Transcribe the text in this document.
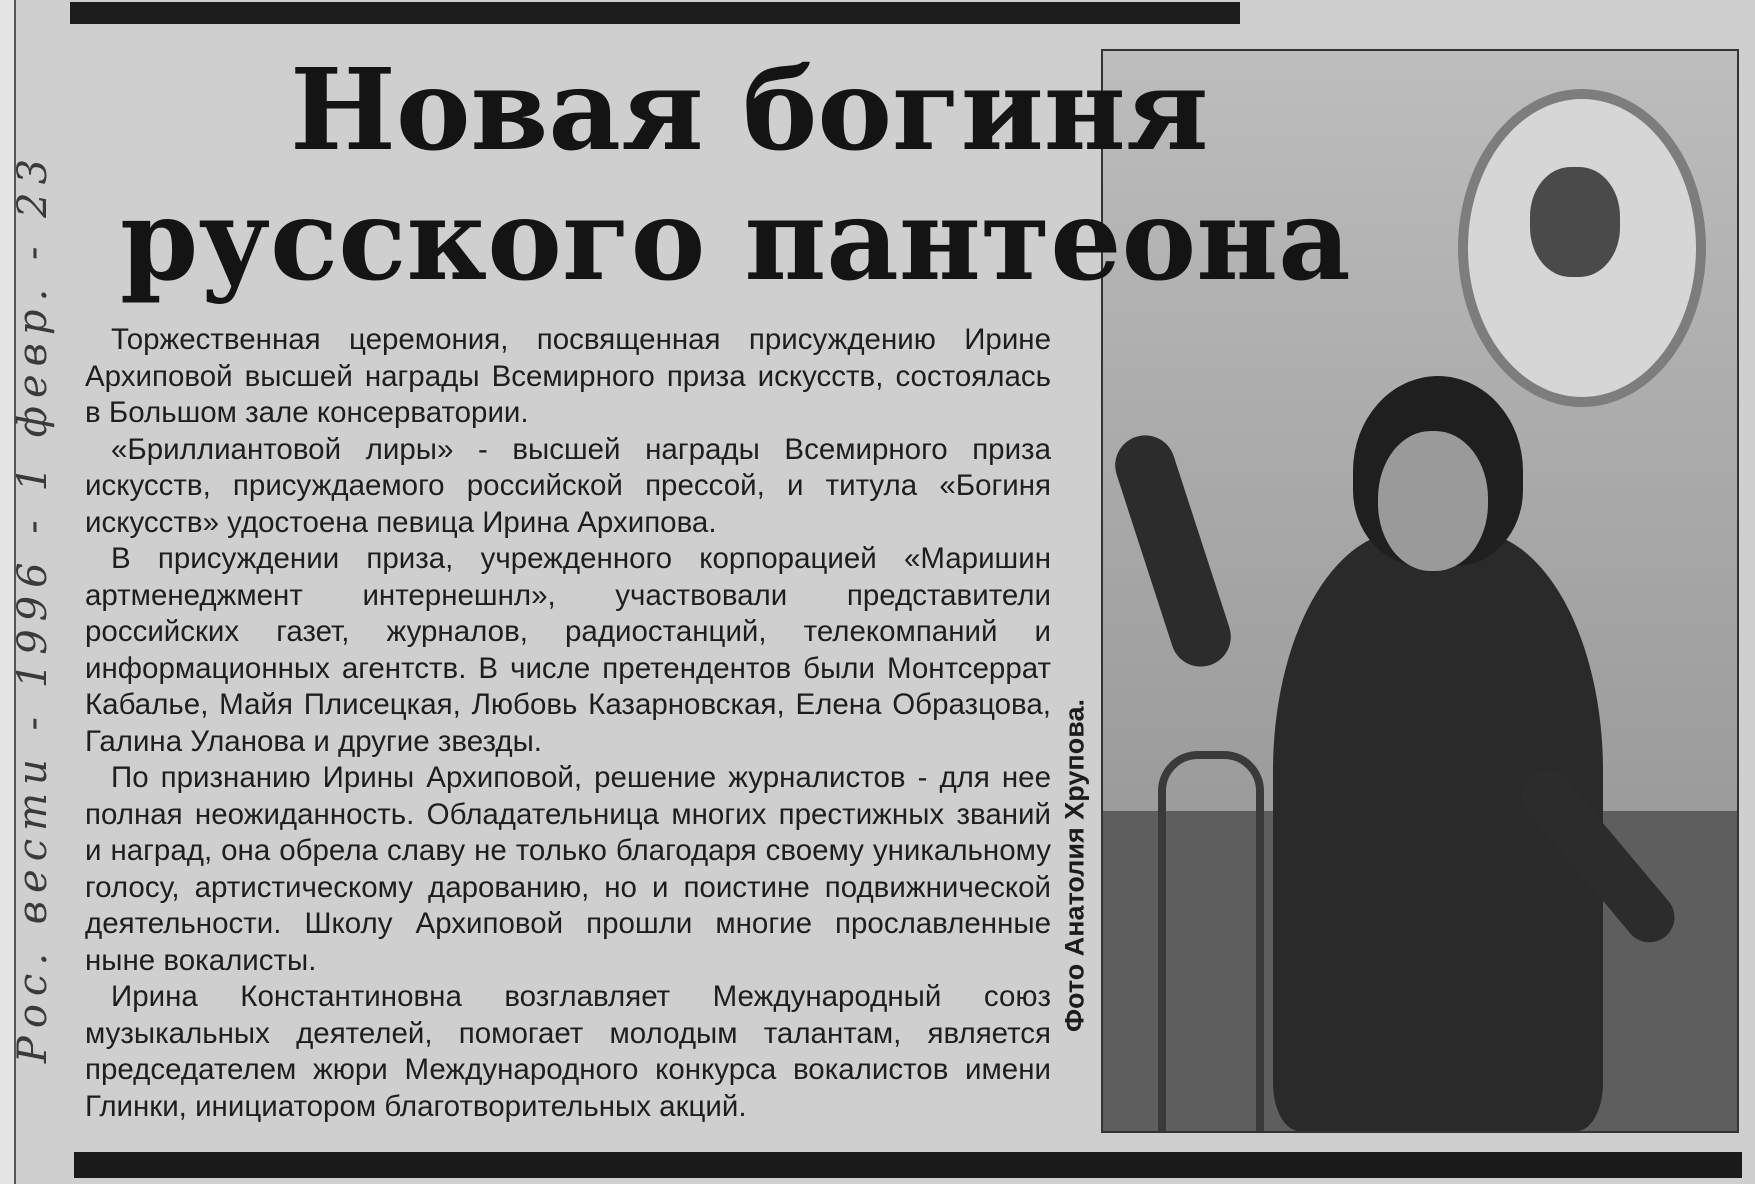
Рос. вести - 1996 - 1 февр. - 23
Новая богиня
русского пантеона

Торжественная церемония, посвященная присуждению Ирине Архиповой высшей награды Всемирного приза искусств, состоялась в Большом зале консерватории.

«Бриллиантовой лиры» - высшей награды Всемирного приза искусств, присуждаемого российской прессой, и титула «Богиня искусств» удостоена певица Ирина Архипова.

В присуждении приза, учрежденного корпорацией «Маришин артменеджмент интернешнл», участвовали представители российских газет, журналов, радиостанций, телекомпаний и информационных агентств. В числе претендентов были Монтсеррат Кабалье, Майя Плисецкая, Любовь Казарновская, Елена Образцова, Галина Уланова и другие звезды.

По признанию Ирины Архиповой, решение журналистов - для нее полная неожиданность. Обладательница многих престижных званий и наград, она обрела славу не только благодаря своему уникальному голосу, артистическому дарованию, но и поистине подвижнической деятельности. Школу Архиповой прошли многие прославленные ныне вокалисты.

Ирина Константиновна возглавляет Международный союз музыкальных деятелей, помогает молодым талантам, является председателем жюри Международного конкурса вокалистов имени Глинки, инициатором благотворительных акций.

Фото Анатолия Хрупова.
